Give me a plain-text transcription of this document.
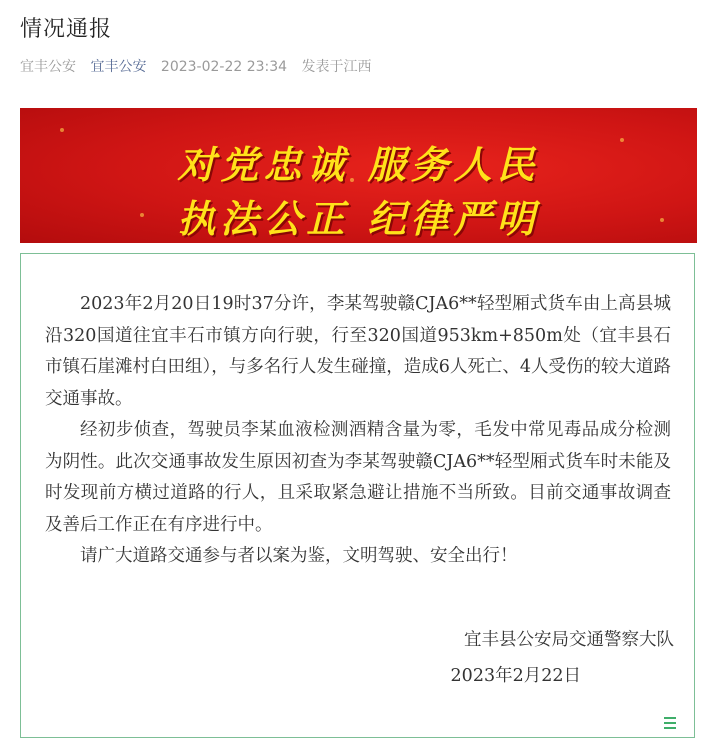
情况通报
宜丰公安 宜丰公安 2023-02-22 23:34 发表于江西
对党忠诚 服务人民
执法公正 纪律严明

2023年2月20日19时37分许，李某驾驶赣CJA6**轻型厢式货车由上高县城沿320国道往宜丰石市镇方向行驶，行至320国道953km+850m处（宜丰县石市镇石崖滩村白田组），与多名行人发生碰撞，造成6人死亡、4人受伤的较大道路交通事故。

经初步侦查，驾驶员李某血液检测酒精含量为零，毛发中常见毒品成分检测为阴性。此次交通事故发生原因初查为李某驾驶赣CJA6**轻型厢式货车时未能及时发现前方横过道路的行人，且采取紧急避让措施不当所致。目前交通事故调查及善后工作正在有序进行中。

请广大道路交通参与者以案为鉴，文明驾驶、安全出行！

宜丰县公安局交通警察大队
2023年2月22日
